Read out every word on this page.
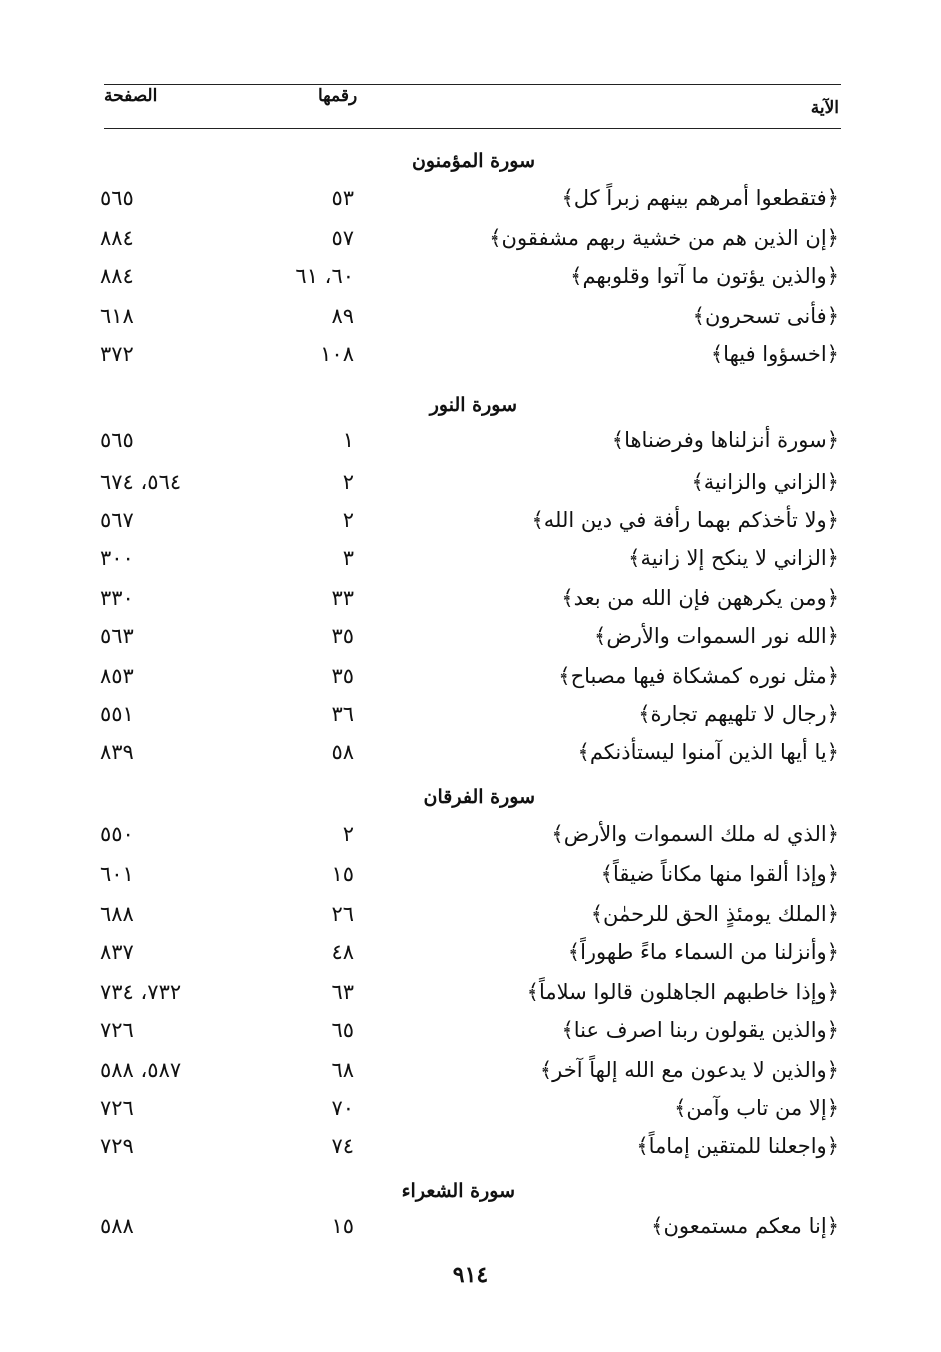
الصفحة	رقمها
الآية
سورة المؤمنون
﴿فتقطعوا أمرهم بينهم زبراً كل﴾
٥٣
٥٦٥
﴿إن الذين هم من خشية ربهم مشفقون﴾
٥٧
٨٨٤
﴿والذين يؤتون ما آتوا وقلوبهم﴾
٦٠، ٦١
٨٨٤
﴿فأنى تسحرون﴾
٨٩
٦١٨
﴿اخسؤوا فيها﴾
١٠٨
٣٧٢
سورة النور
﴿سورة أنزلناها وفرضناها﴾
١
٥٦٥
﴿الزاني والزانية﴾
٢
٥٦٤، ٦٧٤
﴿ولا تأخذكم بهما رأفة في دين الله﴾
٢
٥٦٧
﴿الزاني لا ينكح إلا زانية﴾
٣
٣٠٠
﴿ومن يكرههن فإن الله من بعد﴾
٣٣
٣٣٠
﴿الله نور السموات والأرض﴾
٣٥
٥٦٣
﴿مثل نوره كمشكاة فيها مصباح﴾
٣٥
٨٥٣
﴿رجال لا تلهيهم تجارة﴾
٣٦
٥٥١
﴿يا أيها الذين آمنوا ليستأذنكم﴾
٥٨
٨٣٩
سورة الفرقان
﴿الذي له ملك السموات والأرض﴾
٢
٥٥٠
﴿وإذا ألقوا منها مكاناً ضيقاً﴾
١٥
٦٠١
﴿الملك يومئذٍ الحق للرحمٰن﴾
٢٦
٦٨٨
﴿وأنزلنا من السماء ماءً طهوراً﴾
٤٨
٨٣٧
﴿وإذا خاطبهم الجاهلون قالوا سلاماً﴾
٦٣
٧٣٢، ٧٣٤
﴿والذين يقولون ربنا اصرف عنا﴾
٦٥
٧٢٦
﴿والذين لا يدعون مع الله إلهاً آخر﴾
٦٨
٥٨٧، ٥٨٨
﴿إلا من تاب وآمن﴾
٧٠
٧٢٦
﴿واجعلنا للمتقين إماماً﴾
٧٤
٧٢٩
سورة الشعراء
﴿إنا معكم مستمعون﴾
١٥
٥٨٨
٩١٤
